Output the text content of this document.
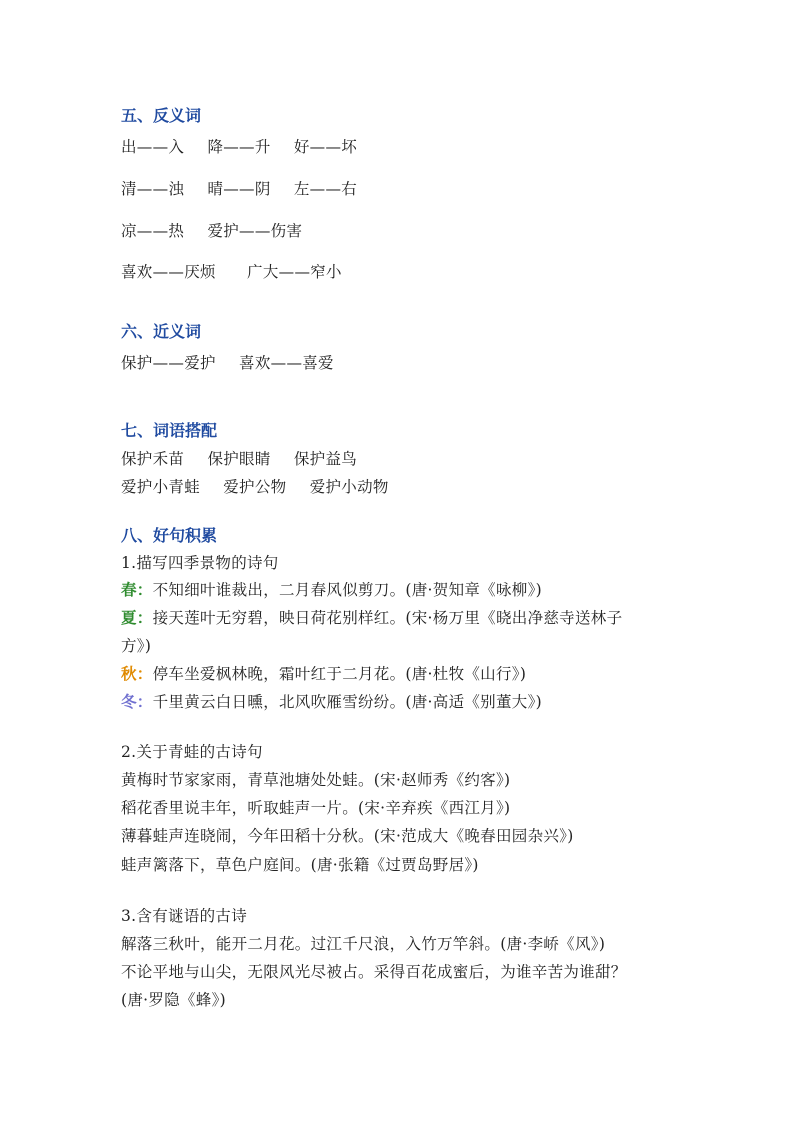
五、反义词
出——入 降——升 好——坏
清——浊 晴——阴 左——右
凉——热 爱护——伤害
喜欢——厌烦 广大——窄小
六、近义词
保护——爱护 喜欢——喜爱
七、词语搭配
保护禾苗 保护眼睛 保护益鸟
爱护小青蛙 爱护公物 爱护小动物
八、好句积累
1.描写四季景物的诗句
春：不知细叶谁裁出，二月春风似剪刀。(唐·贺知章《咏柳》)
夏：接天莲叶无穷碧，映日荷花别样红。(宋·杨万里《晓出净慈寺送林子
方》)
秋：停车坐爱枫林晚，霜叶红于二月花。(唐·杜牧《山行》)
冬：千里黄云白日曛，北风吹雁雪纷纷。(唐·高适《别董大》)
2.关于青蛙的古诗句
黄梅时节家家雨，青草池塘处处蛙。(宋·赵师秀《约客》)
稻花香里说丰年，听取蛙声一片。(宋·辛弃疾《西江月》)
薄暮蛙声连晓闹，今年田稻十分秋。(宋·范成大《晚春田园杂兴》)
蛙声篱落下，草色户庭间。(唐·张籍《过贾岛野居》)
3.含有谜语的古诗
解落三秋叶，能开二月花。过江千尺浪，入竹万竿斜。(唐·李峤《风》)
不论平地与山尖，无限风光尽被占。采得百花成蜜后，为谁辛苦为谁甜？
(唐·罗隐《蜂》)
